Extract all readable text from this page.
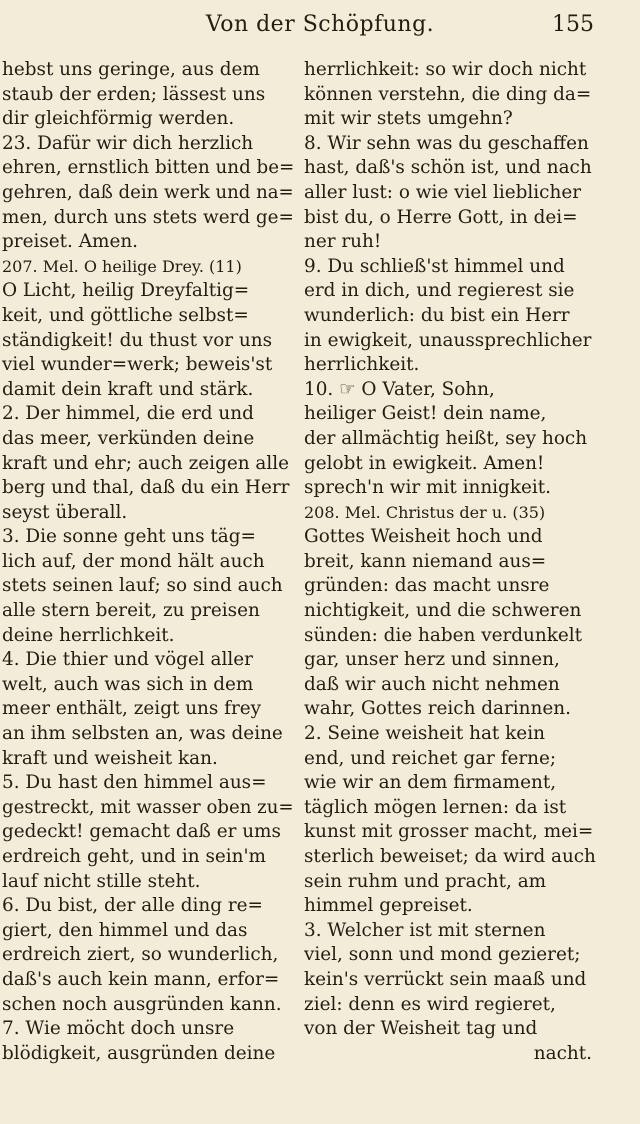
Von der Schöpfung.	155
hebst uns geringe, aus dem
staub der erden; lässest uns
dir gleichförmig werden.
23. Dafür wir dich herzlich
ehren, ernstlich bitten und be=
gehren, daß dein werk und na=
men, durch uns stets werd ge=
preiset. Amen.
207. Mel. O heilige Drey. (11)
O Licht, heilig Dreyfaltig=
keit, und göttliche selbst=
ständigkeit! du thust vor uns
viel wunder=werk; beweis'st
damit dein kraft und stärk.
2. Der himmel, die erd und
das meer, verkünden deine
kraft und ehr; auch zeigen alle
berg und thal, daß du ein Herr
seyst überall.
3. Die sonne geht uns täg=
lich auf, der mond hält auch
stets seinen lauf; so sind auch
alle stern bereit, zu preisen
deine herrlichkeit.
4. Die thier und vögel aller
welt, auch was sich in dem
meer enthält, zeigt uns frey
an ihm selbsten an, was deine
kraft und weisheit kan.
5. Du hast den himmel aus=
gestreckt, mit wasser oben zu=
gedeckt! gemacht daß er ums
erdreich geht, und in sein'm
lauf nicht stille steht.
6. Du bist, der alle ding re=
giert, den himmel und das
erdreich ziert, so wunderlich,
daß's auch kein mann, erfor=
schen noch ausgründen kann.
7. Wie möcht doch unsre
blödigkeit, ausgründen deine
herrlichkeit: so wir doch nicht
können verstehn, die ding da=
mit wir stets umgehn?
8. Wir sehn was du geschaffen
hast, daß's schön ist, und nach
aller lust: o wie viel lieblicher
bist du, o Herre Gott, in dei=
ner ruh!
9. Du schließ'st himmel und
erd in dich, und regierest sie
wunderlich: du bist ein Herr
in ewigkeit, unaussprechlicher
herrlichkeit.
10. ☞ O Vater, Sohn,
heiliger Geist! dein name,
der allmächtig heißt, sey hoch
gelobt in ewigkeit. Amen!
sprech'n wir mit innigkeit.
208. Mel. Christus der u. (35)
Gottes Weisheit hoch und
breit, kann niemand aus=
gründen: das macht unsre
nichtigkeit, und die schweren
sünden: die haben verdunkelt
gar, unser herz und sinnen,
daß wir auch nicht nehmen
wahr, Gottes reich darinnen.
2. Seine weisheit hat kein
end, und reichet gar ferne;
wie wir an dem firmament,
täglich mögen lernen: da ist
kunst mit grosser macht, mei=
sterlich beweiset; da wird auch
sein ruhm und pracht, am
himmel gepreiset.
3. Welcher ist mit sternen
viel, sonn und mond gezieret;
kein's verrückt sein maaß und
ziel: denn es wird regieret,
von der Weisheit tag und
nacht.
